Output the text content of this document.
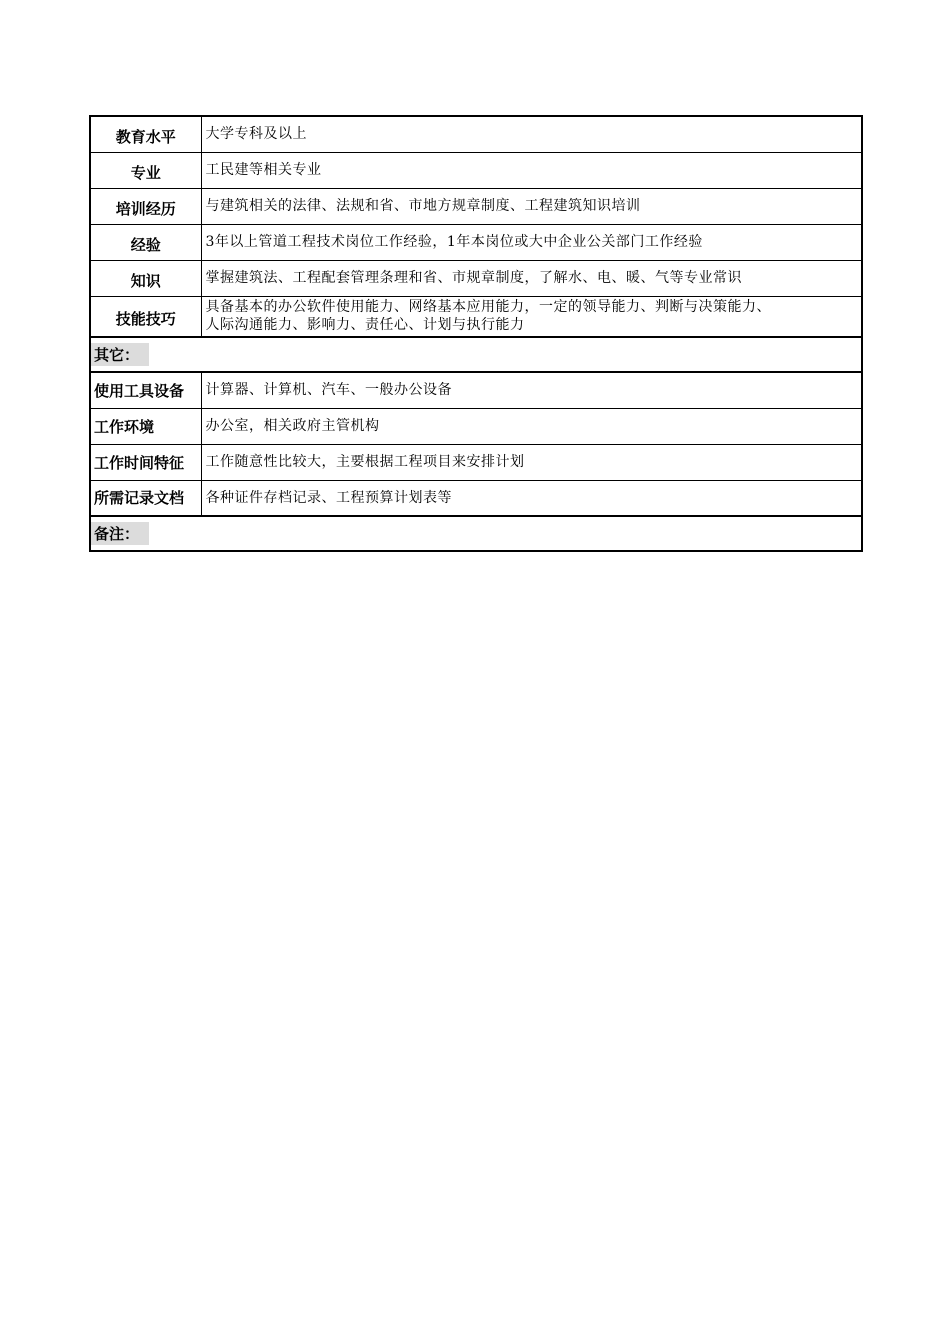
教育水平	大学专科及以上
专业	工民建等相关专业
培训经历	与建筑相关的法律、法规和省、市地方规章制度、工程建筑知识培训
经验	3年以上管道工程技术岗位工作经验，1年本岗位或大中企业公关部门工作经验
知识	掌握建筑法、工程配套管理条理和省、市规章制度，了解水、电、暖、气等专业常识
技能技巧	具备基本的办公软件使用能力、网络基本应用能力，一定的领导能力、判断与决策能力、
人际沟通能力、影响力、责任心、计划与执行能力

其它：	
使用工具设备	计算器、计算机、汽车、一般办公设备
工作环境	办公室，相关政府主管机构
工作时间特征	工作随意性比较大，主要根据工程项目来安排计划
所需记录文档	各种证件存档记录、工程预算计划表等
备注：	
